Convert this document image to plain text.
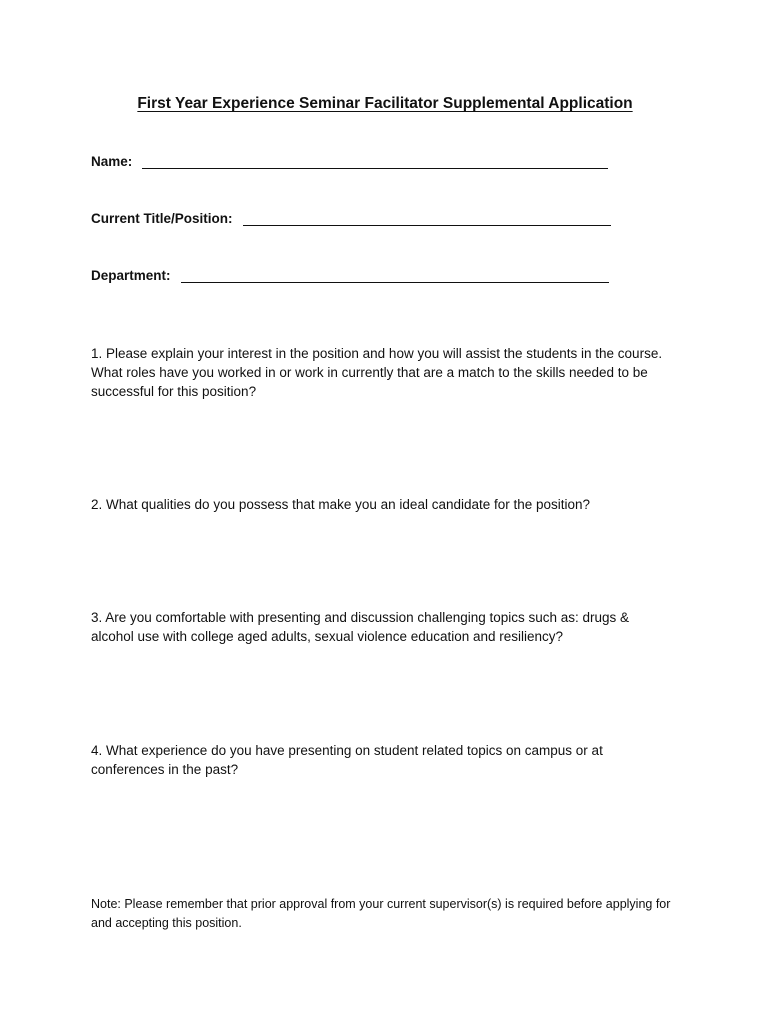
First Year Experience Seminar Facilitator Supplemental Application
Name:
Current Title/Position:
Department:
1. Please explain your interest in the position and how you will assist the students in the course. What roles have you worked in or work in currently that are a match to the skills needed to be successful for this position?
2. What qualities do you possess that make you an ideal candidate for the position?
3. Are you comfortable with presenting and discussion challenging topics such as: drugs & alcohol use with college aged adults, sexual violence education and resiliency?
4. What experience do you have presenting on student related topics on campus or at conferences in the past?
Note: Please remember that prior approval from your current supervisor(s) is required before applying for and accepting this position.
